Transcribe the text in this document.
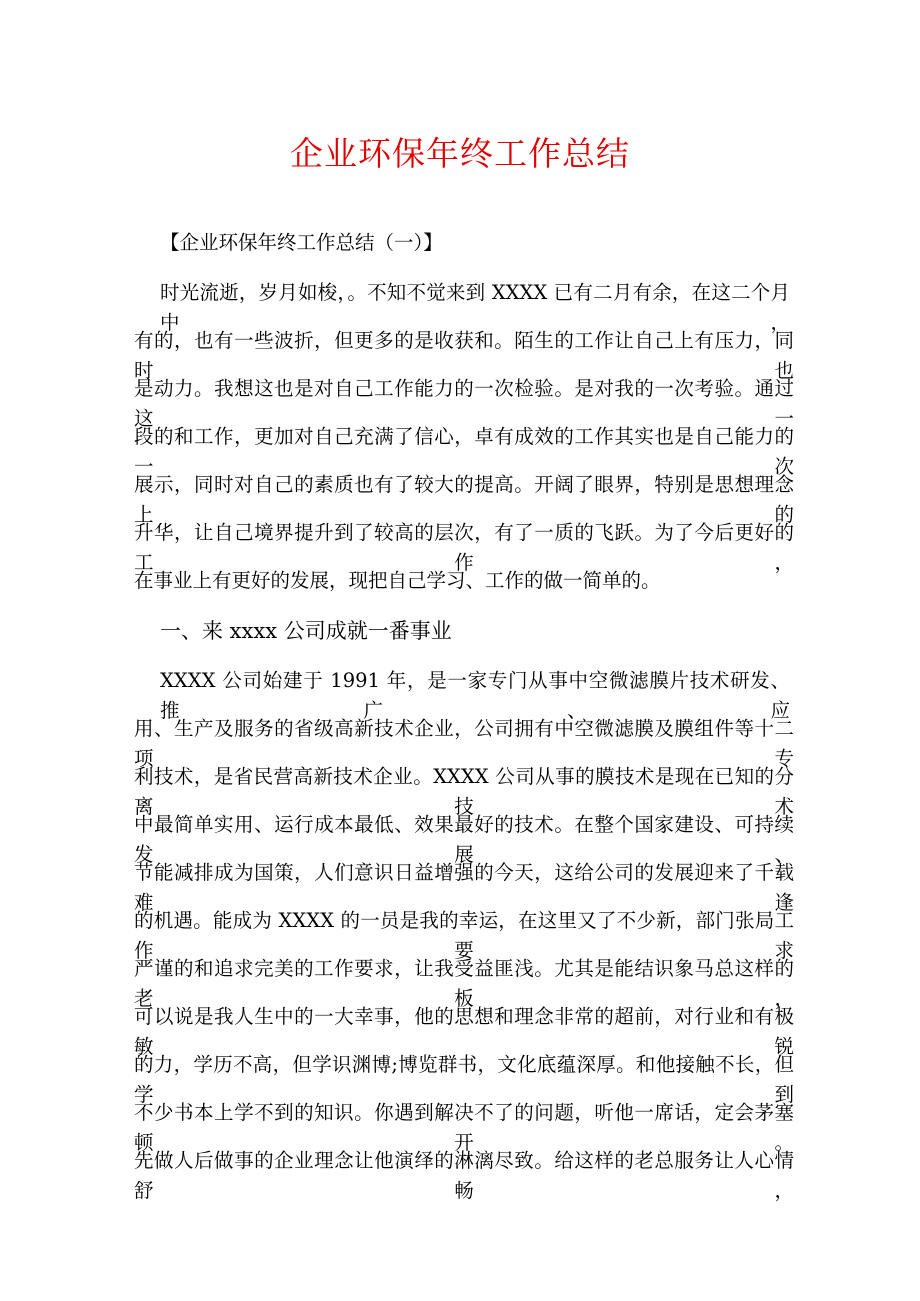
企业环保年终工作总结
【企业环保年终工作总结（一）】
时光流逝，岁月如梭，。不知不觉来到 XXXX 已有二月有余，在这二个月中，
有的，也有一些波折，但更多的是收获和。陌生的工作让自己上有压力，同时也
是动力。我想这也是对自己工作能力的一次检验。是对我的一次考验。通过这一
段的和工作，更加对自己充满了信心，卓有成效的工作其实也是自己能力的一次
展示，同时对自己的素质也有了较大的提高。开阔了眼界，特别是思想理念上的
升华，让自己境界提升到了较高的层次，有了一质的飞跃。为了今后更好的工作，
在事业上有更好的发展，现把自己学习、工作的做一简单的。
一、来 xxxx 公司成就一番事业
XXXX 公司始建于 1991 年，是一家专门从事中空微滤膜片技术研发、推广、应
用、生产及服务的省级高新技术企业，公司拥有中空微滤膜及膜组件等十二项专
利技术，是省民营高新技术企业。XXXX 公司从事的膜技术是现在已知的分离技术
中最简单实用、运行成本最低、效果最好的技术。在整个国家建设、可持续发展、
节能减排成为国策，人们意识日益增强的今天，这给公司的发展迎来了千载难逢
的机遇。能成为 XXXX 的一员是我的幸运，在这里又了不少新，部门张局工作要求
严谨的和追求完美的工作要求，让我受益匪浅。尤其是能结识象马总这样的老板，
可以说是我人生中的一大幸事，他的思想和理念非常的超前，对行业和有极敏锐
的力，学历不高，但学识渊博;博览群书，文化底蕴深厚。和他接触不长，但学到
不少书本上学不到的知识。你遇到解决不了的问题，听他一席话，定会茅塞顿开。
先做人后做事的企业理念让他演绎的淋漓尽致。给这样的老总服务让人心情舒畅，
